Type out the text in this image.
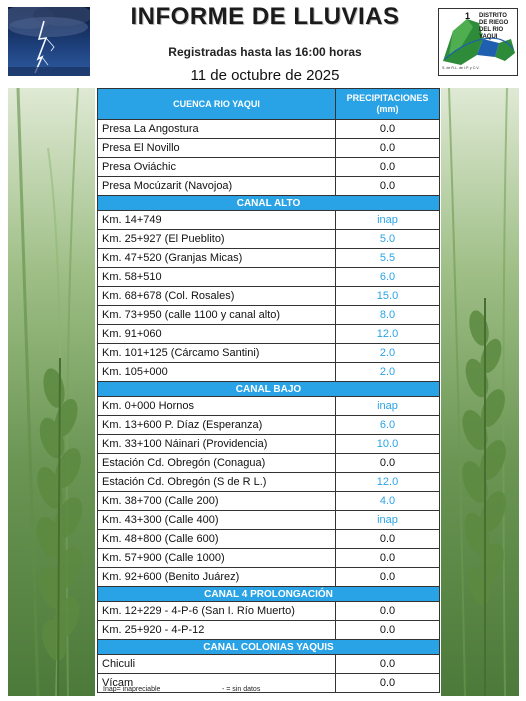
INFORME DE LLUVIAS
Registradas hasta las 16:00 horas
11 de octubre de 2025
1 DISTRITO
DE RIEGO
DEL RIO
YAQUI
S. de R.L. de I.P. y C.V.
CUENCA RIO YAQUI	PRECIPITACIONES
(mm)

Presa La Angostura	0.0
Presa El Novillo	0.0
Presa Oviáchic	0.0
Presa Mocúzarit (Navojoa)	0.0
CANAL ALTO	
Km. 14+749	inap
Km. 25+927 (El Pueblito)	5.0
Km. 47+520 (Granjas Micas)	5.5
Km. 58+510	6.0
Km. 68+678 (Col. Rosales)	15.0
Km. 73+950 (calle 1100 y canal alto)	8.0
Km. 91+060	12.0
Km. 101+125 (Cárcamo Santini)	2.0
Km. 105+000	2.0
CANAL BAJO	
Km. 0+000 Hornos	inap
Km. 13+600 P. Díaz (Esperanza)	6.0
Km. 33+100 Náinari (Providencia)	10.0
Estación Cd. Obregón (Conagua)	0.0
Estación Cd. Obregón (S de R L.)	12.0
Km. 38+700 (Calle 200)	4.0
Km. 43+300 (Calle 400)	inap
Km. 48+800 (Calle 600)	0.0
Km. 57+900 (Calle 1000)	0.0
Km. 92+600 (Benito Juárez)	0.0
CANAL 4 PROLONGACIÓN	
Km. 12+229 - 4-P-6 (San I. Río Muerto)	0.0
Km. 25+920 - 4-P-12	0.0
CANAL COLONIAS YAQUIS	
Chiculi	0.0
Vícam	0.0
Inap= inapreciable	- = sin datos
